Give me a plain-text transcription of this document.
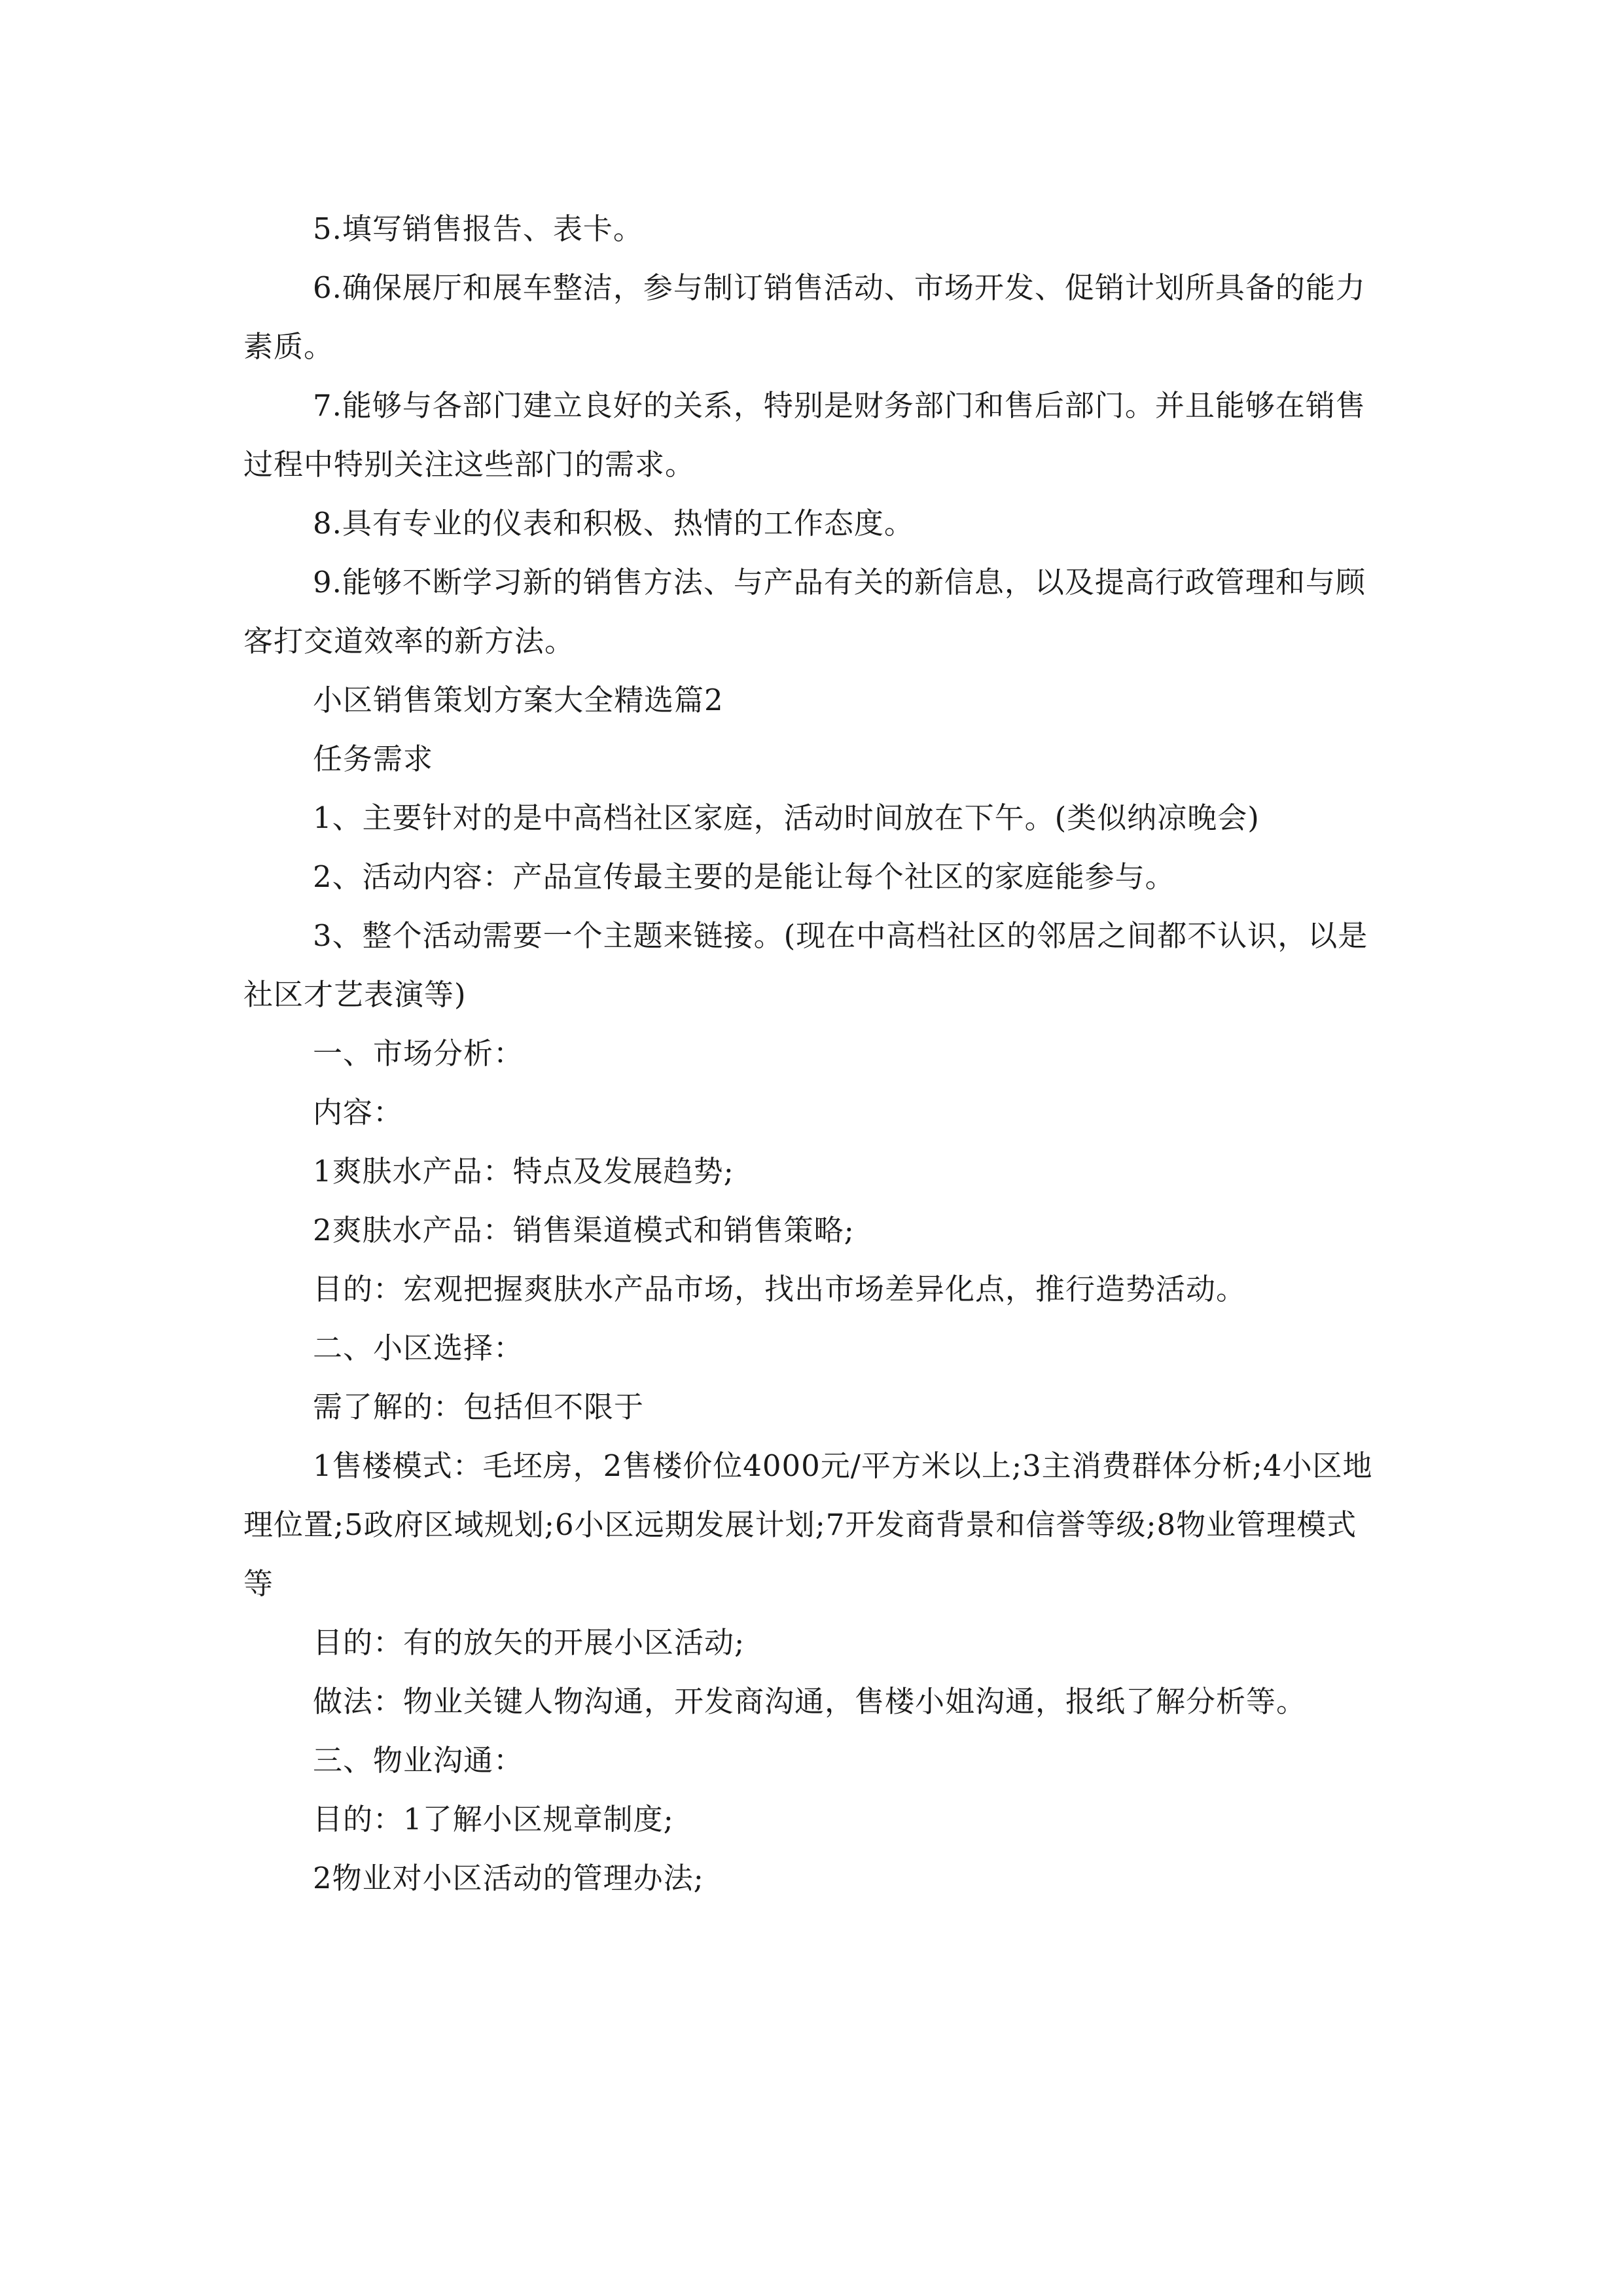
5.填写销售报告、表卡。

6.确保展厅和展车整洁，参与制订销售活动、市场开发、促销计划所具备的能力素质。

7.能够与各部门建立良好的关系，特别是财务部门和售后部门。并且能够在销售过程中特别关注这些部门的需求。

8.具有专业的仪表和积极、热情的工作态度。

9.能够不断学习新的销售方法、与产品有关的新信息，以及提高行政管理和与顾客打交道效率的新方法。

小区销售策划方案大全精选篇2

任务需求

1、主要针对的是中高档社区家庭，活动时间放在下午。(类似纳凉晚会)

2、活动内容：产品宣传最主要的是能让每个社区的家庭能参与。

3、整个活动需要一个主题来链接。(现在中高档社区的邻居之间都不认识，以是社区才艺表演等)

一、市场分析：

内容：

1爽肤水产品：特点及发展趋势;

2爽肤水产品：销售渠道模式和销售策略;

目的：宏观把握爽肤水产品市场，找出市场差异化点，推行造势活动。

二、小区选择：

需了解的：包括但不限于

1售楼模式：毛坯房，2售楼价位4000元/平方米以上;3主消费群体分析;4小区地理位置;5政府区域规划;6小区远期发展计划;7开发商背景和信誉等级;8物业管理模式等

目的：有的放矢的开展小区活动;

做法：物业关键人物沟通，开发商沟通，售楼小姐沟通，报纸了解分析等。

三、物业沟通：

目的：1了解小区规章制度;

2物业对小区活动的管理办法;
